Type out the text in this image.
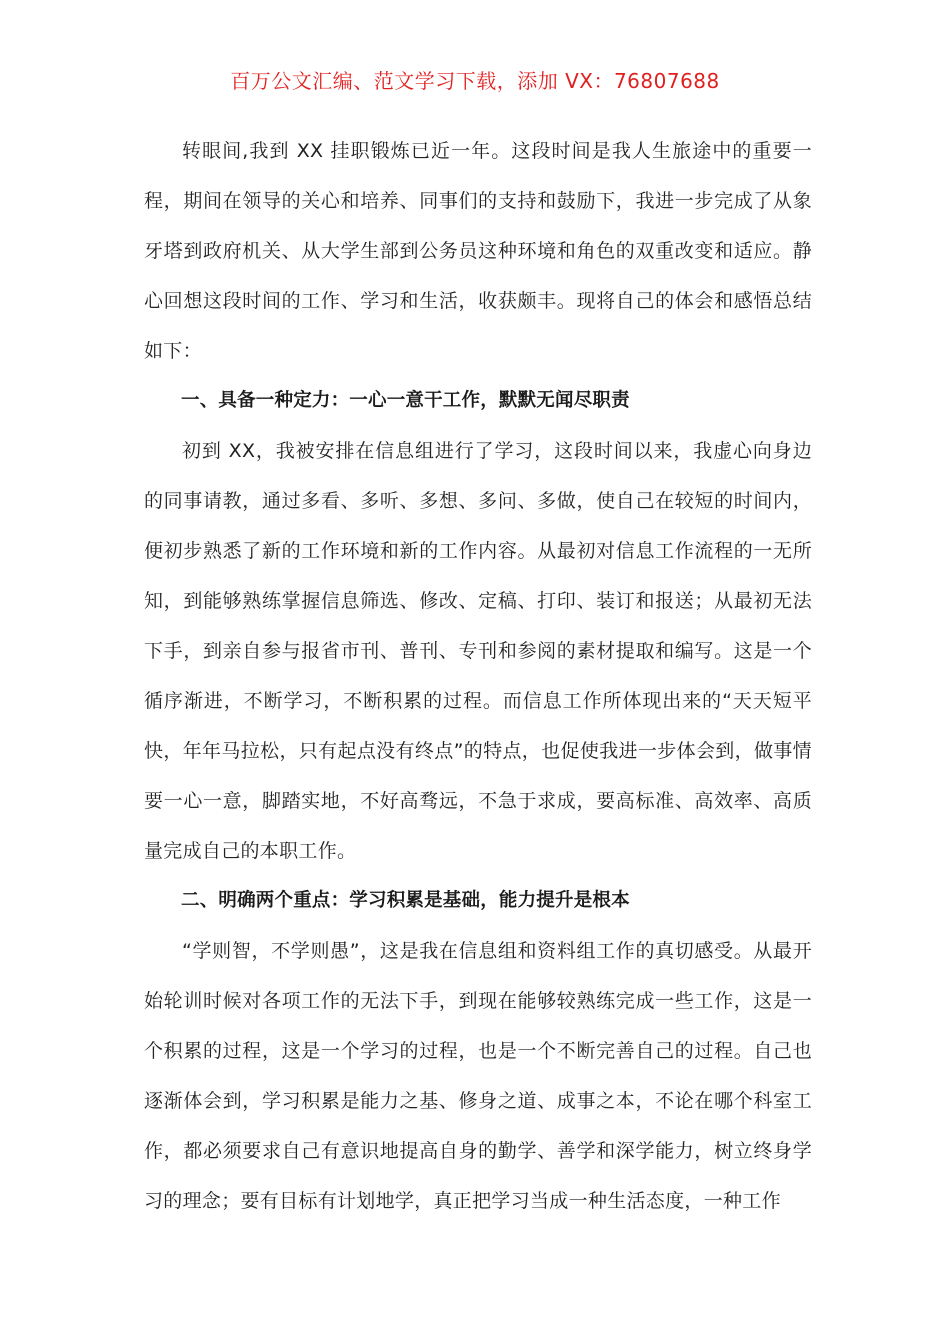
百万公文汇编、范文学习下载，添加 VX：76807688

转眼间,我到 XX 挂职锻炼已近一年。这段时间是我人生旅途中的重要一程，期间在领导的关心和培养、同事们的支持和鼓励下，我进一步完成了从象牙塔到政府机关、从大学生部到公务员这种环境和角色的双重改变和适应。静心回想这段时间的工作、学习和生活，收获颇丰。现将自己的体会和感悟总结如下：

一、具备一种定力：一心一意干工作，默默无闻尽职责

初到 XX，我被安排在信息组进行了学习，这段时间以来，我虚心向身边的同事请教，通过多看、多听、多想、多问、多做，使自己在较短的时间内，便初步熟悉了新的工作环境和新的工作内容。从最初对信息工作流程的一无所知，到能够熟练掌握信息筛选、修改、定稿、打印、装订和报送；从最初无法下手，到亲自参与报省市刊、普刊、专刊和参阅的素材提取和编写。这是一个循序渐进，不断学习，不断积累的过程。而信息工作所体现出来的“天天短平快，年年马拉松，只有起点没有终点”的特点，也促使我进一步体会到，做事情要一心一意，脚踏实地，不好高骛远，不急于求成，要高标准、高效率、高质量完成自己的本职工作。

二、明确两个重点：学习积累是基础，能力提升是根本

“学则智，不学则愚”，这是我在信息组和资料组工作的真切感受。从最开始轮训时候对各项工作的无法下手，到现在能够较熟练完成一些工作，这是一个积累的过程，这是一个学习的过程，也是一个不断完善自己的过程。自己也逐渐体会到，学习积累是能力之基、修身之道、成事之本，不论在哪个科室工作，都必须要求自己有意识地提高自身的勤学、善学和深学能力，树立终身学习的理念；要有目标有计划地学，真正把学习当成一种生活态度，一种工作
